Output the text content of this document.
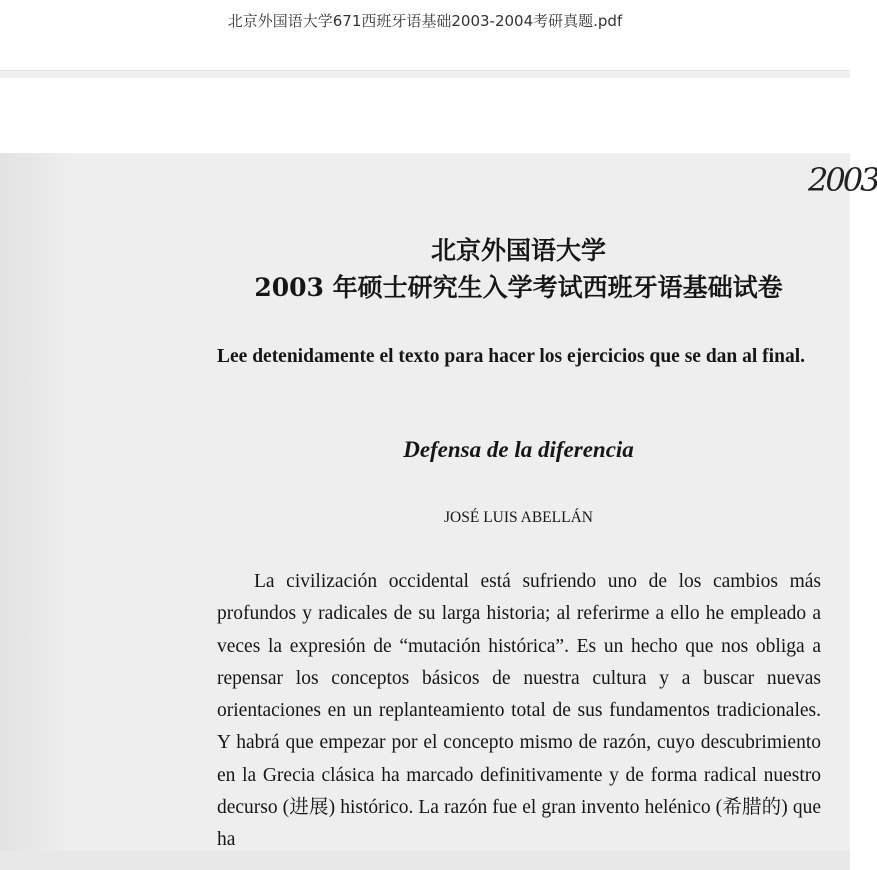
北京外国语大学671西班牙语基础2003-2004考研真题.pdf
2003
北京外国语大学
2003 年硕士研究生入学考试西班牙语基础试卷
Lee detenidamente el texto para hacer los ejercicios que se dan al final.
Defensa de la diferencia
JOSÉ LUIS ABELLÁN
La civilización occidental está sufriendo uno de los cambios más profundos y radicales de su larga historia; al referirme a ello he empleado a veces la expresión de “mutación histórica”. Es un hecho que nos obliga a repensar los conceptos básicos de nuestra cultura y a buscar nuevas orientaciones en un replanteamiento total de sus fundamentos tradicionales. Y habrá que empezar por el concepto mismo de razón, cuyo descubrimiento en la Grecia clásica ha marcado definitivamente y de forma radical nuestro decurso (进展) histórico. La razón fue el gran invento helénico (希腊的) que ha
